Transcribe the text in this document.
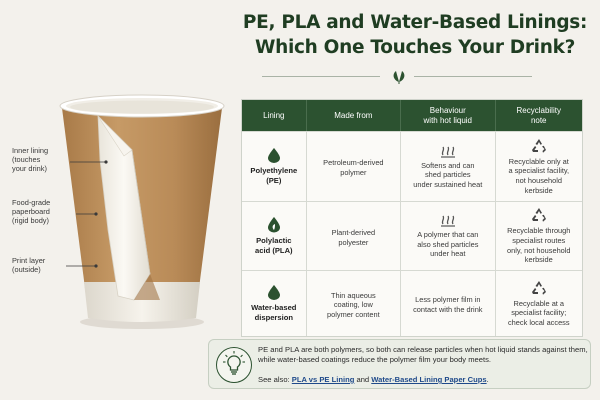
Inner lining
(touches
your drink)
Food-grade
paperboard
(rigid body)
Print layer
(outside)
PE, PLA and Water-Based Linings:
Which One Touches Your Drink?
Lining	Made from
Behaviour
with hot liquid
Recyclability
note
Polyethylene
(PE)
Petroleum-derived
polymer
Softens and can
shed particles
under sustained heat
Recyclable only at
a specialist facility,
not household
kerbside
Polylactic
acid (PLA)
Plant-derived
polyester
A polymer that can
also shed particles
under heat
Recyclable through
specialist routes
only, not household
kerbside
Water-based
dispersion
Thin aqueous
coating, low
polymer content
Less polymer film in
contact with the drink
Recyclable at a
specialist facility;
check local access
PE and PLA are both polymers, so both can release particles when hot liquid stands against them, while water-based coatings reduce the polymer film your body meets.
See also: PLA vs PE Lining and Water-Based Lining Paper Cups.
